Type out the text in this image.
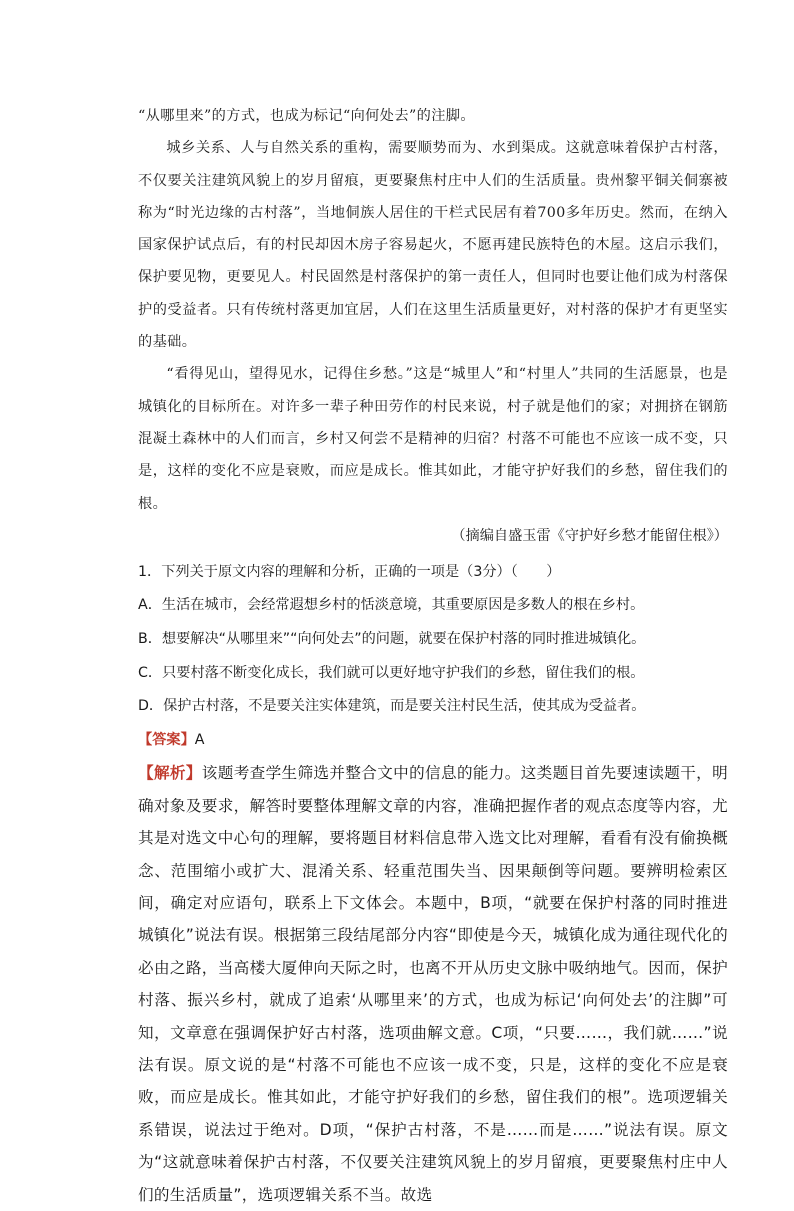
“从哪里来”的方式，也成为标记“向何处去”的注脚。

城乡关系、人与自然关系的重构，需要顺势而为、水到渠成。这就意味着保护古村落，不仅要关注建筑风貌上的岁月留痕，更要聚焦村庄中人们的生活质量。贵州黎平铜关侗寨被称为“时光边缘的古村落”，当地侗族人居住的干栏式民居有着700多年历史。然而，在纳入国家保护试点后，有的村民却因木房子容易起火，不愿再建民族特色的木屋。这启示我们，保护要见物，更要见人。村民固然是村落保护的第一责任人，但同时也要让他们成为村落保护的受益者。只有传统村落更加宜居，人们在这里生活质量更好，对村落的保护才有更坚实的基础。

“看得见山，望得见水，记得住乡愁。”这是“城里人”和“村里人”共同的生活愿景，也是城镇化的目标所在。对许多一辈子种田劳作的村民来说，村子就是他们的家；对拥挤在钢筋混凝土森林中的人们而言，乡村又何尝不是精神的归宿？村落不可能也不应该一成不变，只是，这样的变化不应是衰败，而应是成长。惟其如此，才能守护好我们的乡愁，留住我们的根。

（摘编自盛玉雷《守护好乡愁才能留住根》）

1．下列关于原文内容的理解和分析，正确的一项是（3分）（　　）

A．生活在城市，会经常遐想乡村的恬淡意境，其重要原因是多数人的根在乡村。

B．想要解决“从哪里来”“向何处去”的问题，就要在保护村落的同时推进城镇化。

C．只要村落不断变化成长，我们就可以更好地守护我们的乡愁，留住我们的根。

D．保护古村落，不是要关注实体建筑，而是要关注村民生活，使其成为受益者。

【答案】A

【解析】该题考查学生筛选并整合文中的信息的能力。这类题目首先要速读题干，明确对象及要求，解答时要整体理解文章的内容，准确把握作者的观点态度等内容，尤其是对选文中心句的理解，要将题目材料信息带入选文比对理解，看看有没有偷换概念、范围缩小或扩大、混淆关系、轻重范围失当、因果颠倒等问题。要辨明检索区间，确定对应语句，联系上下文体会。本题中，B项，“就要在保护村落的同时推进城镇化”说法有误。根据第三段结尾部分内容“即使是今天，城镇化成为通往现代化的必由之路，当高楼大厦伸向天际之时，也离不开从历史文脉中吸纳地气。因而，保护村落、振兴乡村，就成了追索‘从哪里来’的方式，也成为标记‘向何处去’的注脚”可知，文章意在强调保护好古村落，选项曲解文意。C项，“只要……，我们就……”说法有误。原文说的是“村落不可能也不应该一成不变，只是，这样的变化不应是衰败，而应是成长。惟其如此，才能守护好我们的乡愁，留住我们的根”。选项逻辑关系错误，说法过于绝对。D项，“保护古村落，不是……而是……”说法有误。原文为“这就意味着保护古村落，不仅要关注建筑风貌上的岁月留痕，更要聚焦村庄中人们的生活质量”，选项逻辑关系不当。故选
